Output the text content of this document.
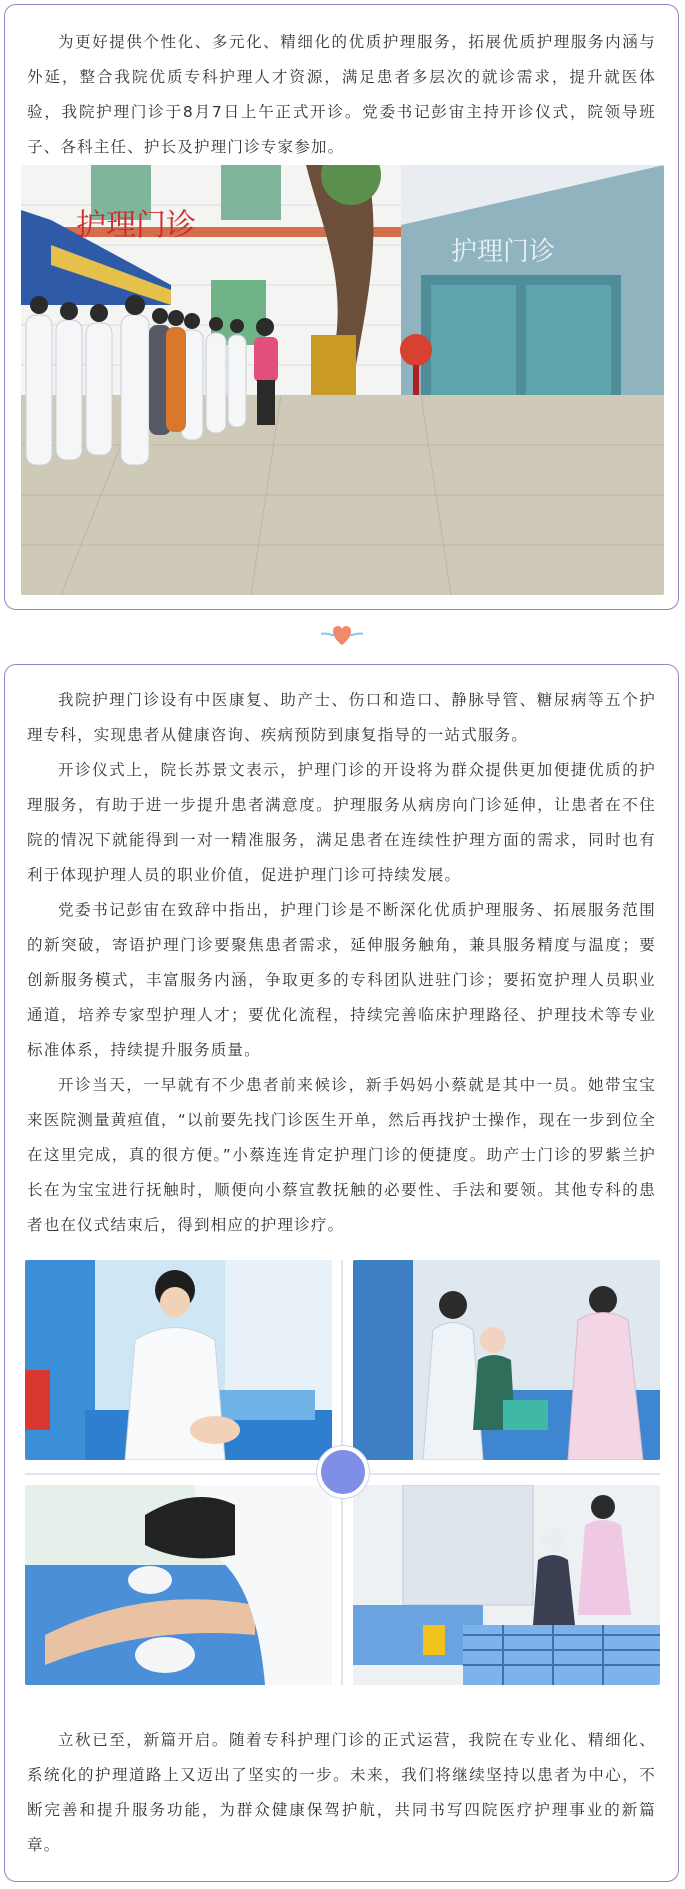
为更好提供个性化、多元化、精细化的优质护理服务，拓展优质护理服务内涵与外延，整合我院优质专科护理人才资源，满足患者多层次的就诊需求，提升就医体验，我院护理门诊于8月7日上午正式开诊。党委书记彭宙主持开诊仪式，院领导班子、各科主任、护长及护理门诊专家参加。

护理门诊
护理门诊

我院护理门诊设有中医康复、助产士、伤口和造口、静脉导管、糖尿病等五个护理专科，实现患者从健康咨询、疾病预防到康复指导的一站式服务。

开诊仪式上，院长苏景文表示，护理门诊的开设将为群众提供更加便捷优质的护理服务，有助于进一步提升患者满意度。护理服务从病房向门诊延伸，让患者在不住院的情况下就能得到一对一精准服务，满足患者在连续性护理方面的需求，同时也有利于体现护理人员的职业价值，促进护理门诊可持续发展。

党委书记彭宙在致辞中指出，护理门诊是不断深化优质护理服务、拓展服务范围的新突破，寄语护理门诊要聚焦患者需求，延伸服务触角，兼具服务精度与温度；要创新服务模式，丰富服务内涵，争取更多的专科团队进驻门诊；要拓宽护理人员职业通道，培养专家型护理人才；要优化流程，持续完善临床护理路径、护理技术等专业标准体系，持续提升服务质量。

开诊当天，一早就有不少患者前来候诊，新手妈妈小蔡就是其中一员。她带宝宝来医院测量黄疸值，“以前要先找门诊医生开单，然后再找护士操作，现在一步到位全在这里完成，真的很方便。”小蔡连连肯定护理门诊的便捷度。助产士门诊的罗紫兰护长在为宝宝进行抚触时，顺便向小蔡宣教抚触的必要性、手法和要领。其他专科的患者也在仪式结束后，得到相应的护理诊疗。

立秋已至，新篇开启。随着专科护理门诊的正式运营，我院在专业化、精细化、系统化的护理道路上又迈出了坚实的一步。未来，我们将继续坚持以患者为中心，不断完善和提升服务功能，为群众健康保驾护航，共同书写四院医疗护理事业的新篇章。
